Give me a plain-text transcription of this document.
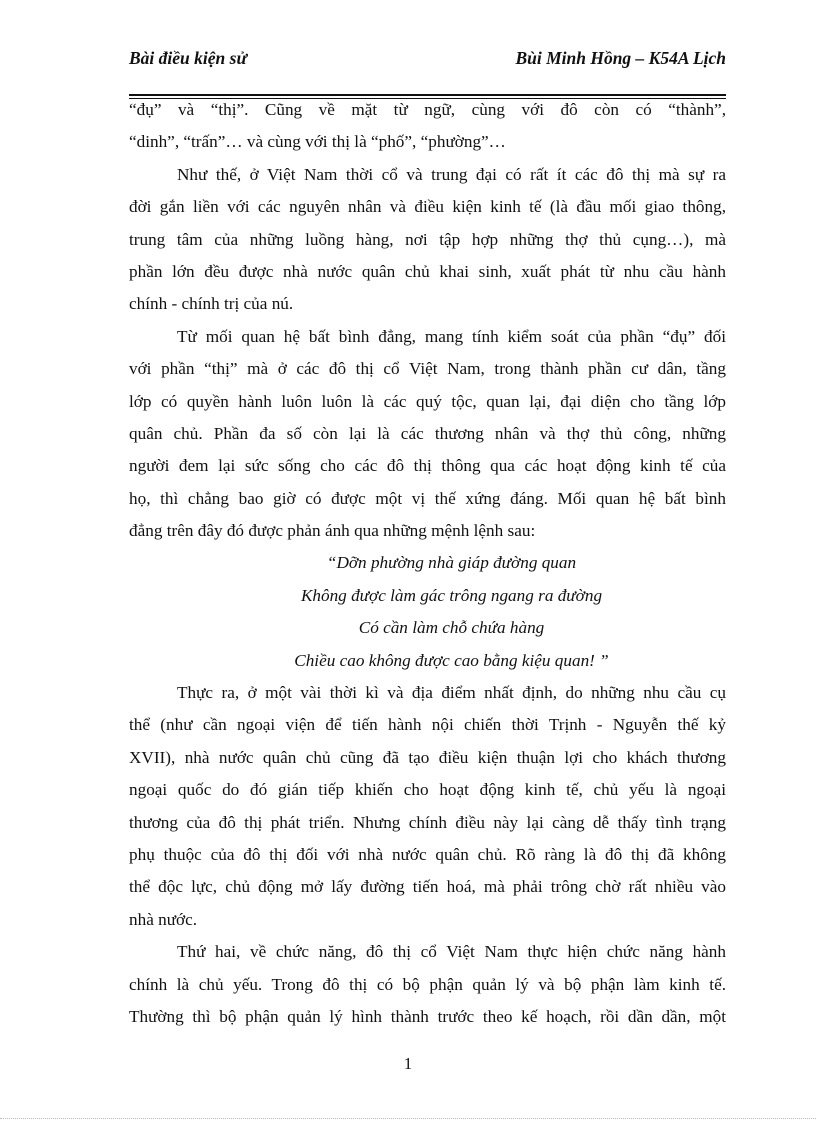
Bài điều kiện sử	Bùi Minh Hồng – K54A Lịch
“đụ” và “thị”. Cũng về mặt từ ngữ, cùng với đô còn có “thành”,
“dinh”, “trấn”… và cùng với thị là “phố”, “phường”…
Như thế, ở Việt Nam thời cổ và trung đại có rất ít các đô thị mà sự ra
đời gắn liền với các nguyên nhân và điều kiện kinh tế (là đầu mối giao thông,
trung tâm của những luồng hàng, nơi tập hợp những thợ thủ cụng…), mà
phần lớn đều được nhà nước quân chủ khai sinh, xuất phát từ nhu cầu hành
chính - chính trị của nú.
Từ mối quan hệ bất bình đẳng, mang tính kiểm soát của phần “đụ” đối
với phần “thị” mà ở các đô thị cổ Việt Nam, trong thành phần cư dân, tầng
lớp có quyền hành luôn luôn là các quý tộc, quan lại, đại diện cho tầng lớp
quân chủ. Phần đa số còn lại là các thương nhân và thợ thủ công, những
người đem lại sức sống cho các đô thị thông qua các hoạt động kinh tế của
họ, thì chẳng bao giờ có được một vị thế xứng đáng. Mối quan hệ bất bình
đẳng trên đây đó được phản ánh qua những mệnh lệnh sau:
“Dỡn phường nhà giáp đường quan
Không được làm gác trông ngang ra đường
Có cần làm chỗ chứa hàng
Chiều cao không được cao bằng kiệu quan! ”
Thực ra, ở một vài thời kì và địa điểm nhất định, do những nhu cầu cụ
thể (như cần ngoại viện để tiến hành nội chiến thời Trịnh - Nguyễn thế kỷ
XVII), nhà nước quân chủ cũng đã tạo điều kiện thuận lợi cho khách thương
ngoại quốc do đó gián tiếp khiến cho hoạt động kinh tế, chủ yếu là ngoại
thương của đô thị phát triển. Nhưng chính điều này lại càng dễ thấy tình trạng
phụ thuộc của đô thị đối với nhà nước quân chủ. Rõ ràng là đô thị đã không
thể độc lực, chủ động mở lấy đường tiến hoá, mà phải trông chờ rất nhiều vào
nhà nước.
Thứ hai, về chức năng, đô thị cổ Việt Nam thực hiện chức năng hành
chính là chủ yếu. Trong đô thị có bộ phận quản lý và bộ phận làm kinh tế.
Thường thì bộ phận quản lý hình thành trước theo kế hoạch, rồi dần dần, một
1
